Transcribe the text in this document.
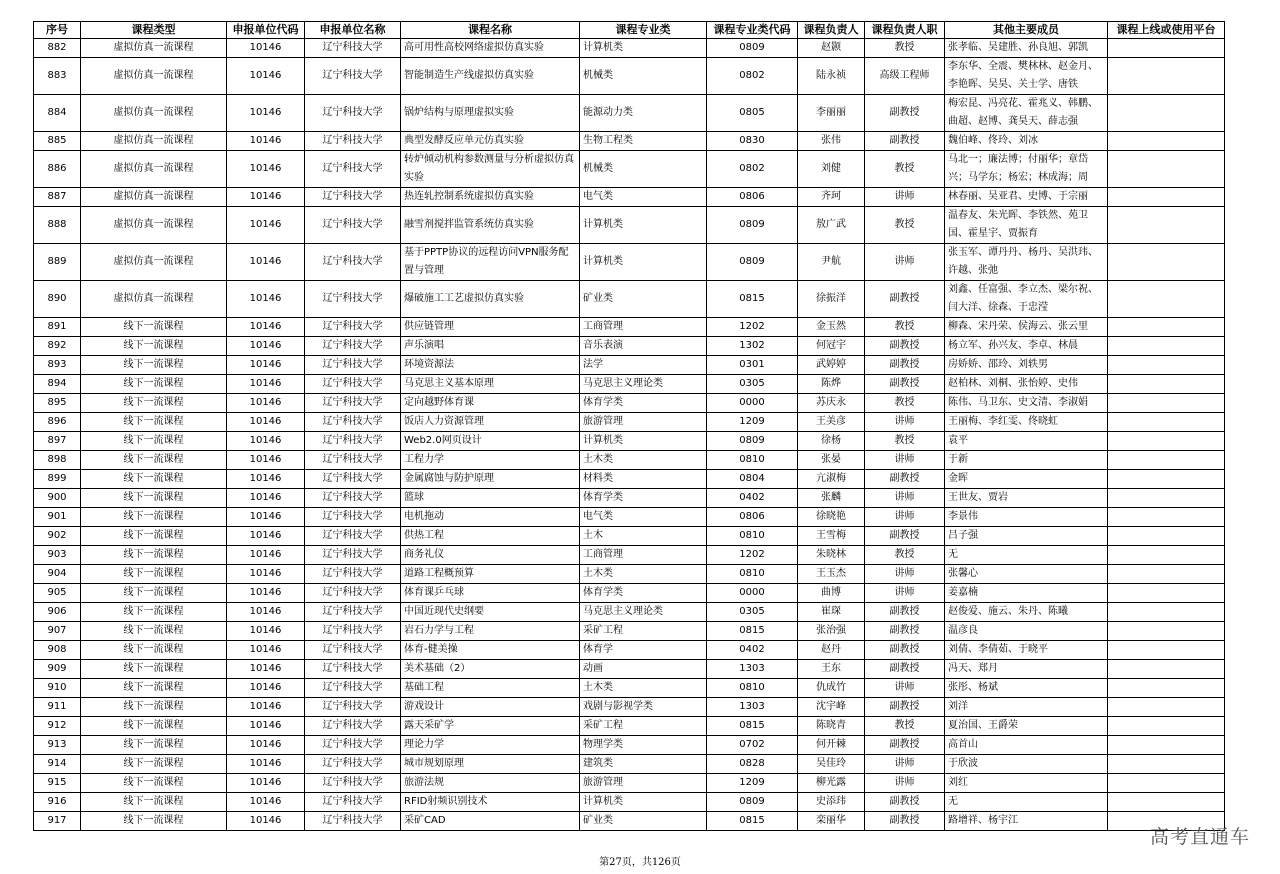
序号	课程类型	申报单位代码	申报单位名称	课程名称	课程专业类	课程专业类代码	课程负责人	课程负责人职	其他主要成员	课程上线或使用平台
882	虚拟仿真一流课程	10146	辽宁科技大学	高可用性高校网络虚拟仿真实验	计算机类	0809	赵颢	教授	张孝临、吴建胜、孙良旭、郭凯	
883	虚拟仿真一流课程	10146	辽宁科技大学	智能制造生产线虚拟仿真实验	机械类	0802	陆永祯	高级工程师	李东华、全震、樊林林、赵金月、李艳晖、吴昊、关士学、唐铁	
884	虚拟仿真一流课程	10146	辽宁科技大学	锅炉结构与原理虚拟实验	能源动力类	0805	李丽丽	副教授	梅宏昆、冯亮花、霍兆义、韩鹏、曲超、赵博、龚昊天、薛志强	
885	虚拟仿真一流课程	10146	辽宁科技大学	典型发酵反应单元仿真实验	生物工程类	0830	张伟	副教授	魏伯峰、佟玲、刘冰	
886	虚拟仿真一流课程	10146	辽宁科技大学	转炉倾动机构参数测量与分析虚拟仿真实验	机械类	0802	刘健	教授	马北一；廉法博；付丽华；章岱兴；马学东；杨宏；林成海；周	
887	虚拟仿真一流课程	10146	辽宁科技大学	热连轧控制系统虚拟仿真实验	电气类	0806	齐珂	讲师	林春丽、吴亚君、史博、于宗丽	
888	虚拟仿真一流课程	10146	辽宁科技大学	融雪剂搅拌监管系统仿真实验	计算机类	0809	敖广武	教授	温春友、朱光晖、李铁然、苑卫国、霍星宇、贾振育	
889	虚拟仿真一流课程	10146	辽宁科技大学	基于PPTP协议的远程访问VPN服务配置与管理	计算机类	0809	尹航	讲师	张玉军、谭丹丹、杨丹、吴洪玮、许越、张弛	
890	虚拟仿真一流课程	10146	辽宁科技大学	爆破施工工艺虚拟仿真实验	矿业类	0815	徐振洋	副教授	刘鑫、任富强、李立杰、梁尔祝、闫大洋、徐森、于忠滢	
891	线下一流课程	10146	辽宁科技大学	供应链管理	工商管理	1202	金玉然	教授	柳森、宋丹荣、侯海云、张云里	
892	线下一流课程	10146	辽宁科技大学	声乐演唱	音乐表演	1302	何冠宇	副教授	杨立军、孙兴友、李卓、林晨	
893	线下一流课程	10146	辽宁科技大学	环境资源法	法学	0301	武婷婷	副教授	房娇娇、邵玲、刘轶男	
894	线下一流课程	10146	辽宁科技大学	马克思主义基本原理	马克思主义理论类	0305	陈烨	副教授	赵柏林、刘桐、张怡婷、史伟	
895	线下一流课程	10146	辽宁科技大学	定向越野体育课	体育学类	0000	苏庆永	教授	陈伟、马卫东、史文清、李淑娟	
896	线下一流课程	10146	辽宁科技大学	饭店人力资源管理	旅游管理	1209	王美彦	讲师	王丽梅、李红雯、佟晓虹	
897	线下一流课程	10146	辽宁科技大学	Web2.0网页设计	计算机类	0809	徐杨	教授	袁平	
898	线下一流课程	10146	辽宁科技大学	工程力学	土木类	0810	张晏	讲师	于新	
899	线下一流课程	10146	辽宁科技大学	金属腐蚀与防护原理	材料类	0804	亢淑梅	副教授	金晖	
900	线下一流课程	10146	辽宁科技大学	篮球	体育学类	0402	张麟	讲师	王世友、贾岩	
901	线下一流课程	10146	辽宁科技大学	电机拖动	电气类	0806	徐晓艳	讲师	李景伟	
902	线下一流课程	10146	辽宁科技大学	供热工程	土木	0810	王雪梅	副教授	吕子强	
903	线下一流课程	10146	辽宁科技大学	商务礼仪	工商管理	1202	朱晓林	教授	无	
904	线下一流课程	10146	辽宁科技大学	道路工程概预算	土木类	0810	王玉杰	讲师	张馨心	
905	线下一流课程	10146	辽宁科技大学	体育课乒乓球	体育学类	0000	曲博	讲师	姜嘉楠	
906	线下一流课程	10146	辽宁科技大学	中国近现代史纲要	马克思主义理论类	0305	崔琛	副教授	赵俊爱、施云、朱丹、陈曦	
907	线下一流课程	10146	辽宁科技大学	岩石力学与工程	采矿工程	0815	张治强	副教授	温彦良	
908	线下一流课程	10146	辽宁科技大学	体育-健美操	体育学	0402	赵丹	副教授	刘倩、李倩茹、于晓平	
909	线下一流课程	10146	辽宁科技大学	美术基础（2）	动画	1303	王东	副教授	冯天、郑月	
910	线下一流课程	10146	辽宁科技大学	基础工程	土木类	0810	仇成竹	讲师	张彤、杨斌	
911	线下一流课程	10146	辽宁科技大学	游戏设计	戏剧与影视学类	1303	沈宇峰	副教授	刘洋	
912	线下一流课程	10146	辽宁科技大学	露天采矿学	采矿工程	0815	陈晓青	教授	夏治国、王爵荣	
913	线下一流课程	10146	辽宁科技大学	理论力学	物理学类	0702	何开棘	副教授	高首山	
914	线下一流课程	10146	辽宁科技大学	城市规划原理	建筑类	0828	吴佳玲	讲师	于欣波	
915	线下一流课程	10146	辽宁科技大学	旅游法规	旅游管理	1209	柳光露	讲师	刘红	
916	线下一流课程	10146	辽宁科技大学	RFID射频识别技术	计算机类	0809	史添玮	副教授	无	
917	线下一流课程	10146	辽宁科技大学	采矿CAD	矿业类	0815	栾丽华	副教授	路增祥、杨宇江	
高考直通车
第27页，共126页
